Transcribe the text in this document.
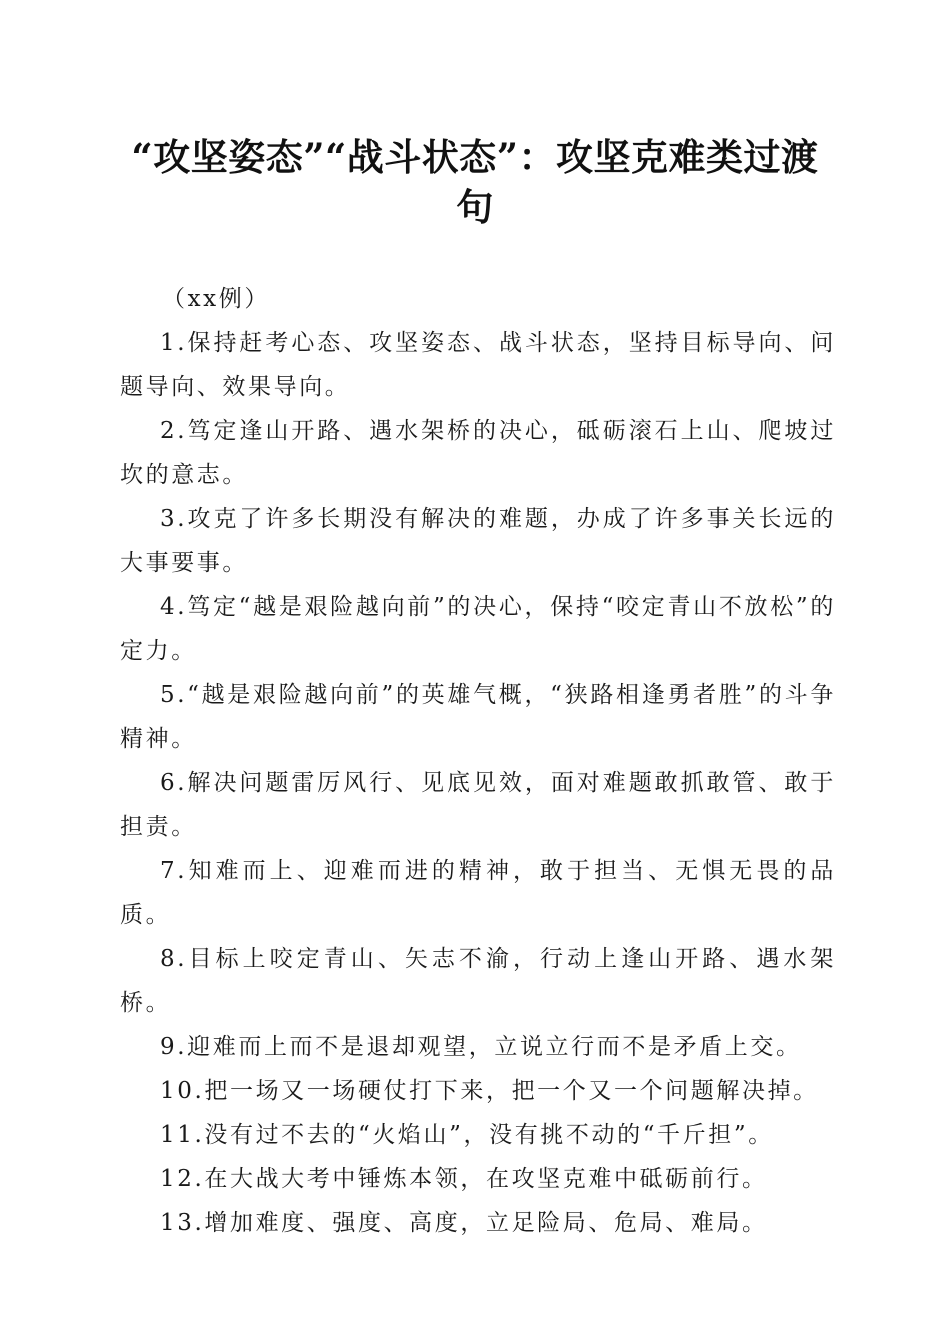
“攻坚姿态”“战斗状态”：攻坚克难类过渡句

（xx例）

1.保持赶考心态、攻坚姿态、战斗状态，坚持目标导向、问题导向、效果导向。

2.笃定逢山开路、遇水架桥的决心，砥砺滚石上山、爬坡过坎的意志。

3.攻克了许多长期没有解决的难题，办成了许多事关长远的大事要事。

4.笃定“越是艰险越向前”的决心，保持“咬定青山不放松”的定力。

5.“越是艰险越向前”的英雄气概，“狭路相逢勇者胜”的斗争精神。

6.解决问题雷厉风行、见底见效，面对难题敢抓敢管、敢于担责。

7.知难而上、迎难而进的精神，敢于担当、无惧无畏的品质。

8.目标上咬定青山、矢志不渝，行动上逢山开路、遇水架桥。

9.迎难而上而不是退却观望，立说立行而不是矛盾上交。

10.把一场又一场硬仗打下来，把一个又一个问题解决掉。

11.没有过不去的“火焰山”，没有挑不动的“千斤担”。

12.在大战大考中锤炼本领，在攻坚克难中砥砺前行。

13.增加难度、强度、高度，立足险局、危局、难局。
